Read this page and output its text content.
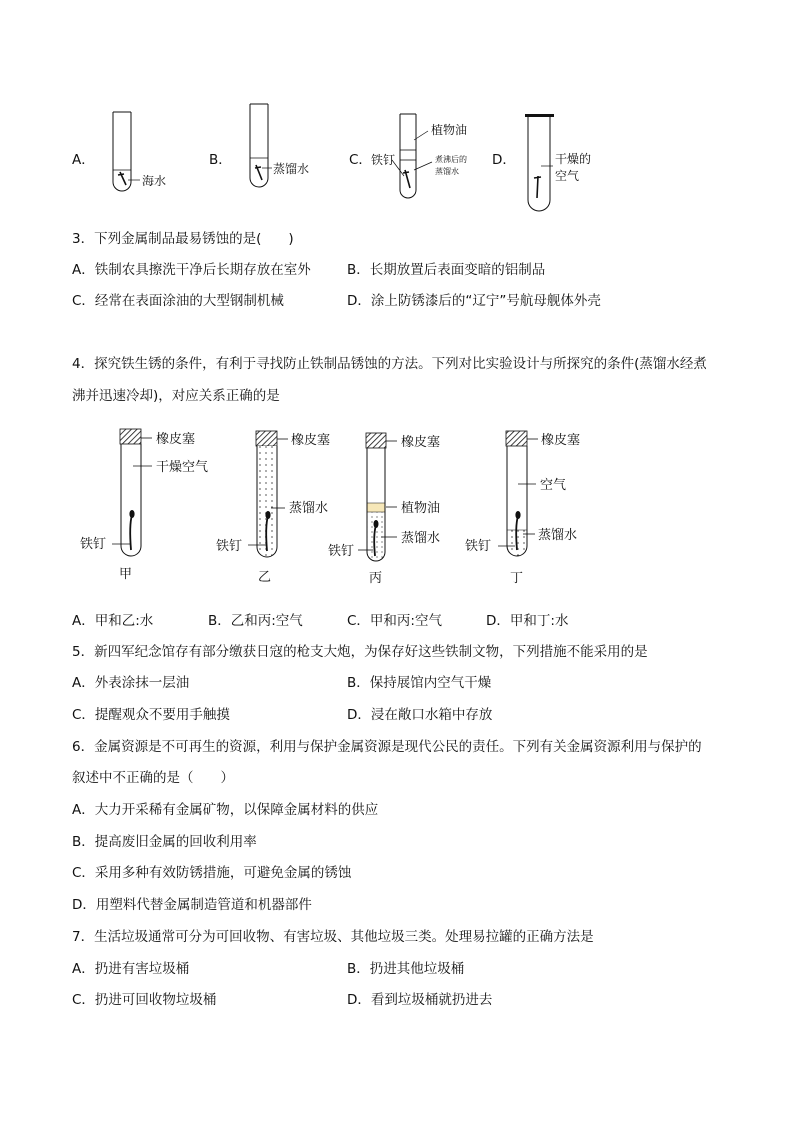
A．	B．	C．	D．
海水
蒸馏水
植物油
铁钉	煮沸后的
蒸馏水
干燥的
空气
3．下列金属制品最易锈蚀的是(　　)
A．铁制农具擦洗干净后长期存放在室外	B．长期放置后表面变暗的铝制品
C．经常在表面涂油的大型钢制机械	D．涂上防锈漆后的“辽宁”号航母舰体外壳
4．探究铁生锈的条件，有利于寻找防止铁制品锈蚀的方法。下列对比实验设计与所探究的条件(蒸馏水经煮
沸并迅速冷却)，对应关系正确的是
橡皮塞
干燥空气
铁钉
甲
橡皮塞
蒸馏水
铁钉
乙
橡皮塞
植物油
蒸馏水
铁钉
丙
橡皮塞
空气
蒸馏水
铁钉
丁
A．甲和乙:水	B．乙和丙:空气	C．甲和丙:空气	D．甲和丁:水
5．新四军纪念馆存有部分缴获日寇的枪支大炮，为保存好这些铁制文物，下列措施不能采用的是
A．外表涂抹一层油	B．保持展馆内空气干燥
C．提醒观众不要用手触摸	D．浸在敞口水箱中存放
6．金属资源是不可再生的资源，利用与保护金属资源是现代公民的责任。下列有关金属资源利用与保护的
叙述中不正确的是（　　）
A．大力开采稀有金属矿物，以保障金属材料的供应
B．提高废旧金属的回收利用率
C．采用多种有效防锈措施，可避免金属的锈蚀
D．用塑料代替金属制造管道和机器部件
7．生活垃圾通常可分为可回收物、有害垃圾、其他垃圾三类。处理易拉罐的正确方法是
A．扔进有害垃圾桶	B．扔进其他垃圾桶
C．扔进可回收物垃圾桶	D．看到垃圾桶就扔进去
